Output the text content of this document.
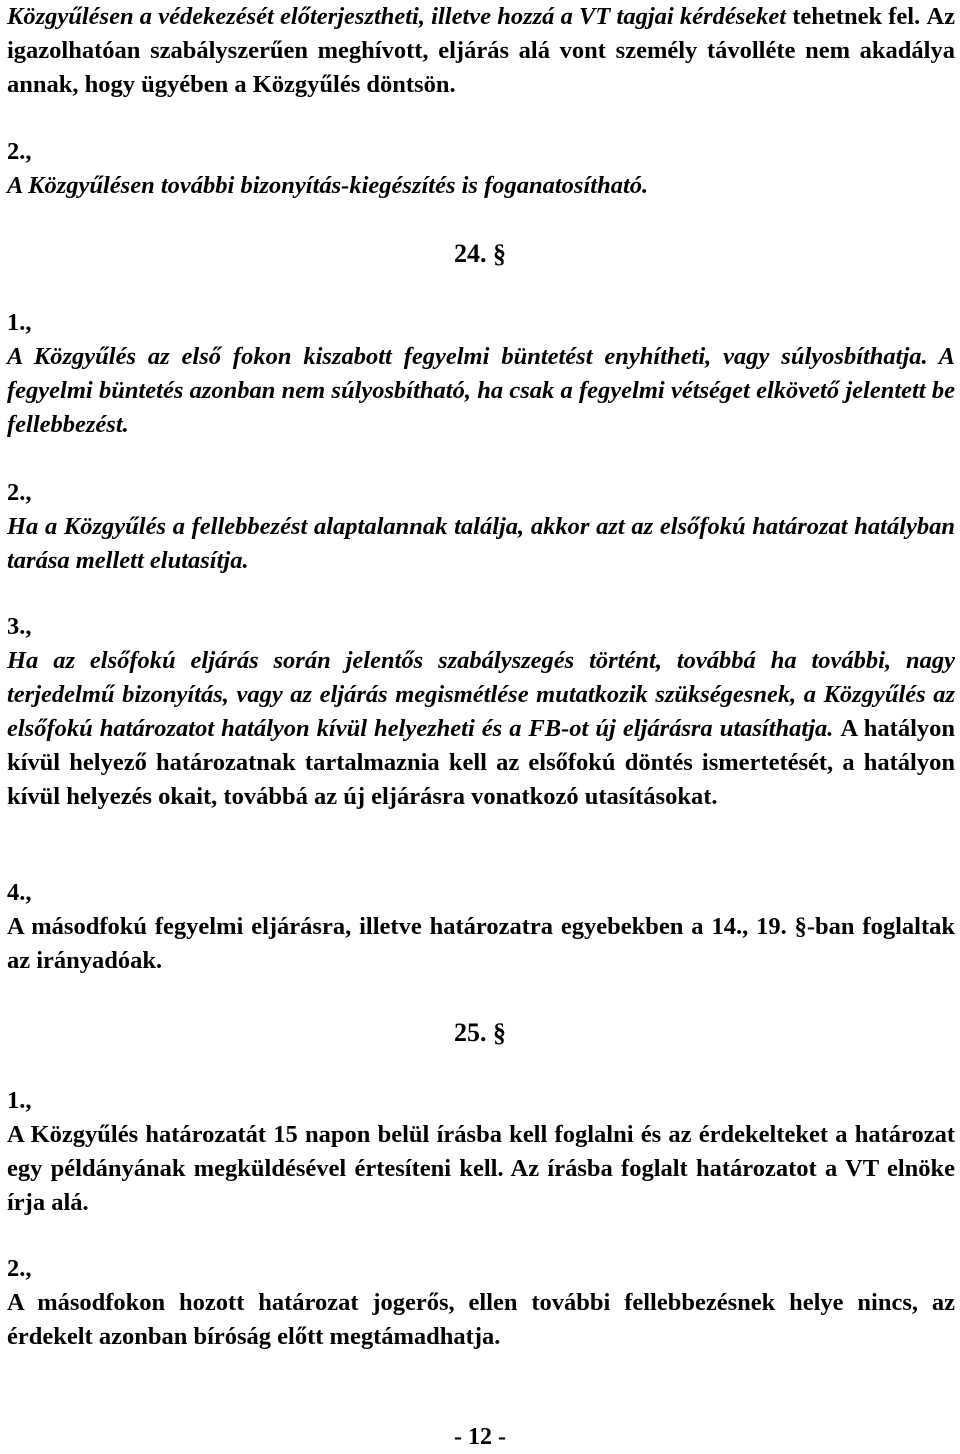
Közgyűlésen a védekezését előterjesztheti, illetve hozzá a VT tagjai kérdéseket tehetnek fel. Az igazolhatóan szabályszerűen meghívott, eljárás alá vont személy távolléte nem akadálya annak, hogy ügyében a Közgyűlés döntsön.

2.,
A Közgyűlésen további bizonyítás-kiegészítés is foganatosítható.
24. §

1.,

A Közgyűlés az első fokon kiszabott fegyelmi büntetést enyhítheti, vagy súlyosbíthatja. A fegyelmi büntetés azonban nem súlyosbítható, ha csak a fegyelmi vétséget elkövető jelentett be fellebbezést.

2.,

Ha a Közgyűlés a fellebbezést alaptalannak találja, akkor azt az elsőfokú határozat hatályban tarása mellett elutasítja.

3.,

Ha az elsőfokú eljárás során jelentős szabályszegés történt, továbbá ha további, nagy terjedelmű bizonyítás, vagy az eljárás megismétlése mutatkozik szükségesnek, a Közgyűlés az elsőfokú határozatot hatályon kívül helyezheti és a FB-ot új eljárásra utasíthatja. A hatályon kívül helyező határozatnak tartalmaznia kell az elsőfokú döntés ismertetését, a hatályon kívül helyezés okait, továbbá az új eljárásra vonatkozó utasításokat.

4.,

A másodfokú fegyelmi eljárásra, illetve határozatra egyebekben a 14., 19. §-ban foglaltak az irányadóak.

25. §

1.,

A Közgyűlés határozatát 15 napon belül írásba kell foglalni és az érdekelteket a határozat egy példányának megküldésével értesíteni kell. Az írásba foglalt határozatot a VT elnöke írja alá.

2.,

A másodfokon hozott határozat jogerős, ellen további fellebbezésnek helye nincs, az érdekelt azonban bíróság előtt megtámadhatja.

- 12 -
